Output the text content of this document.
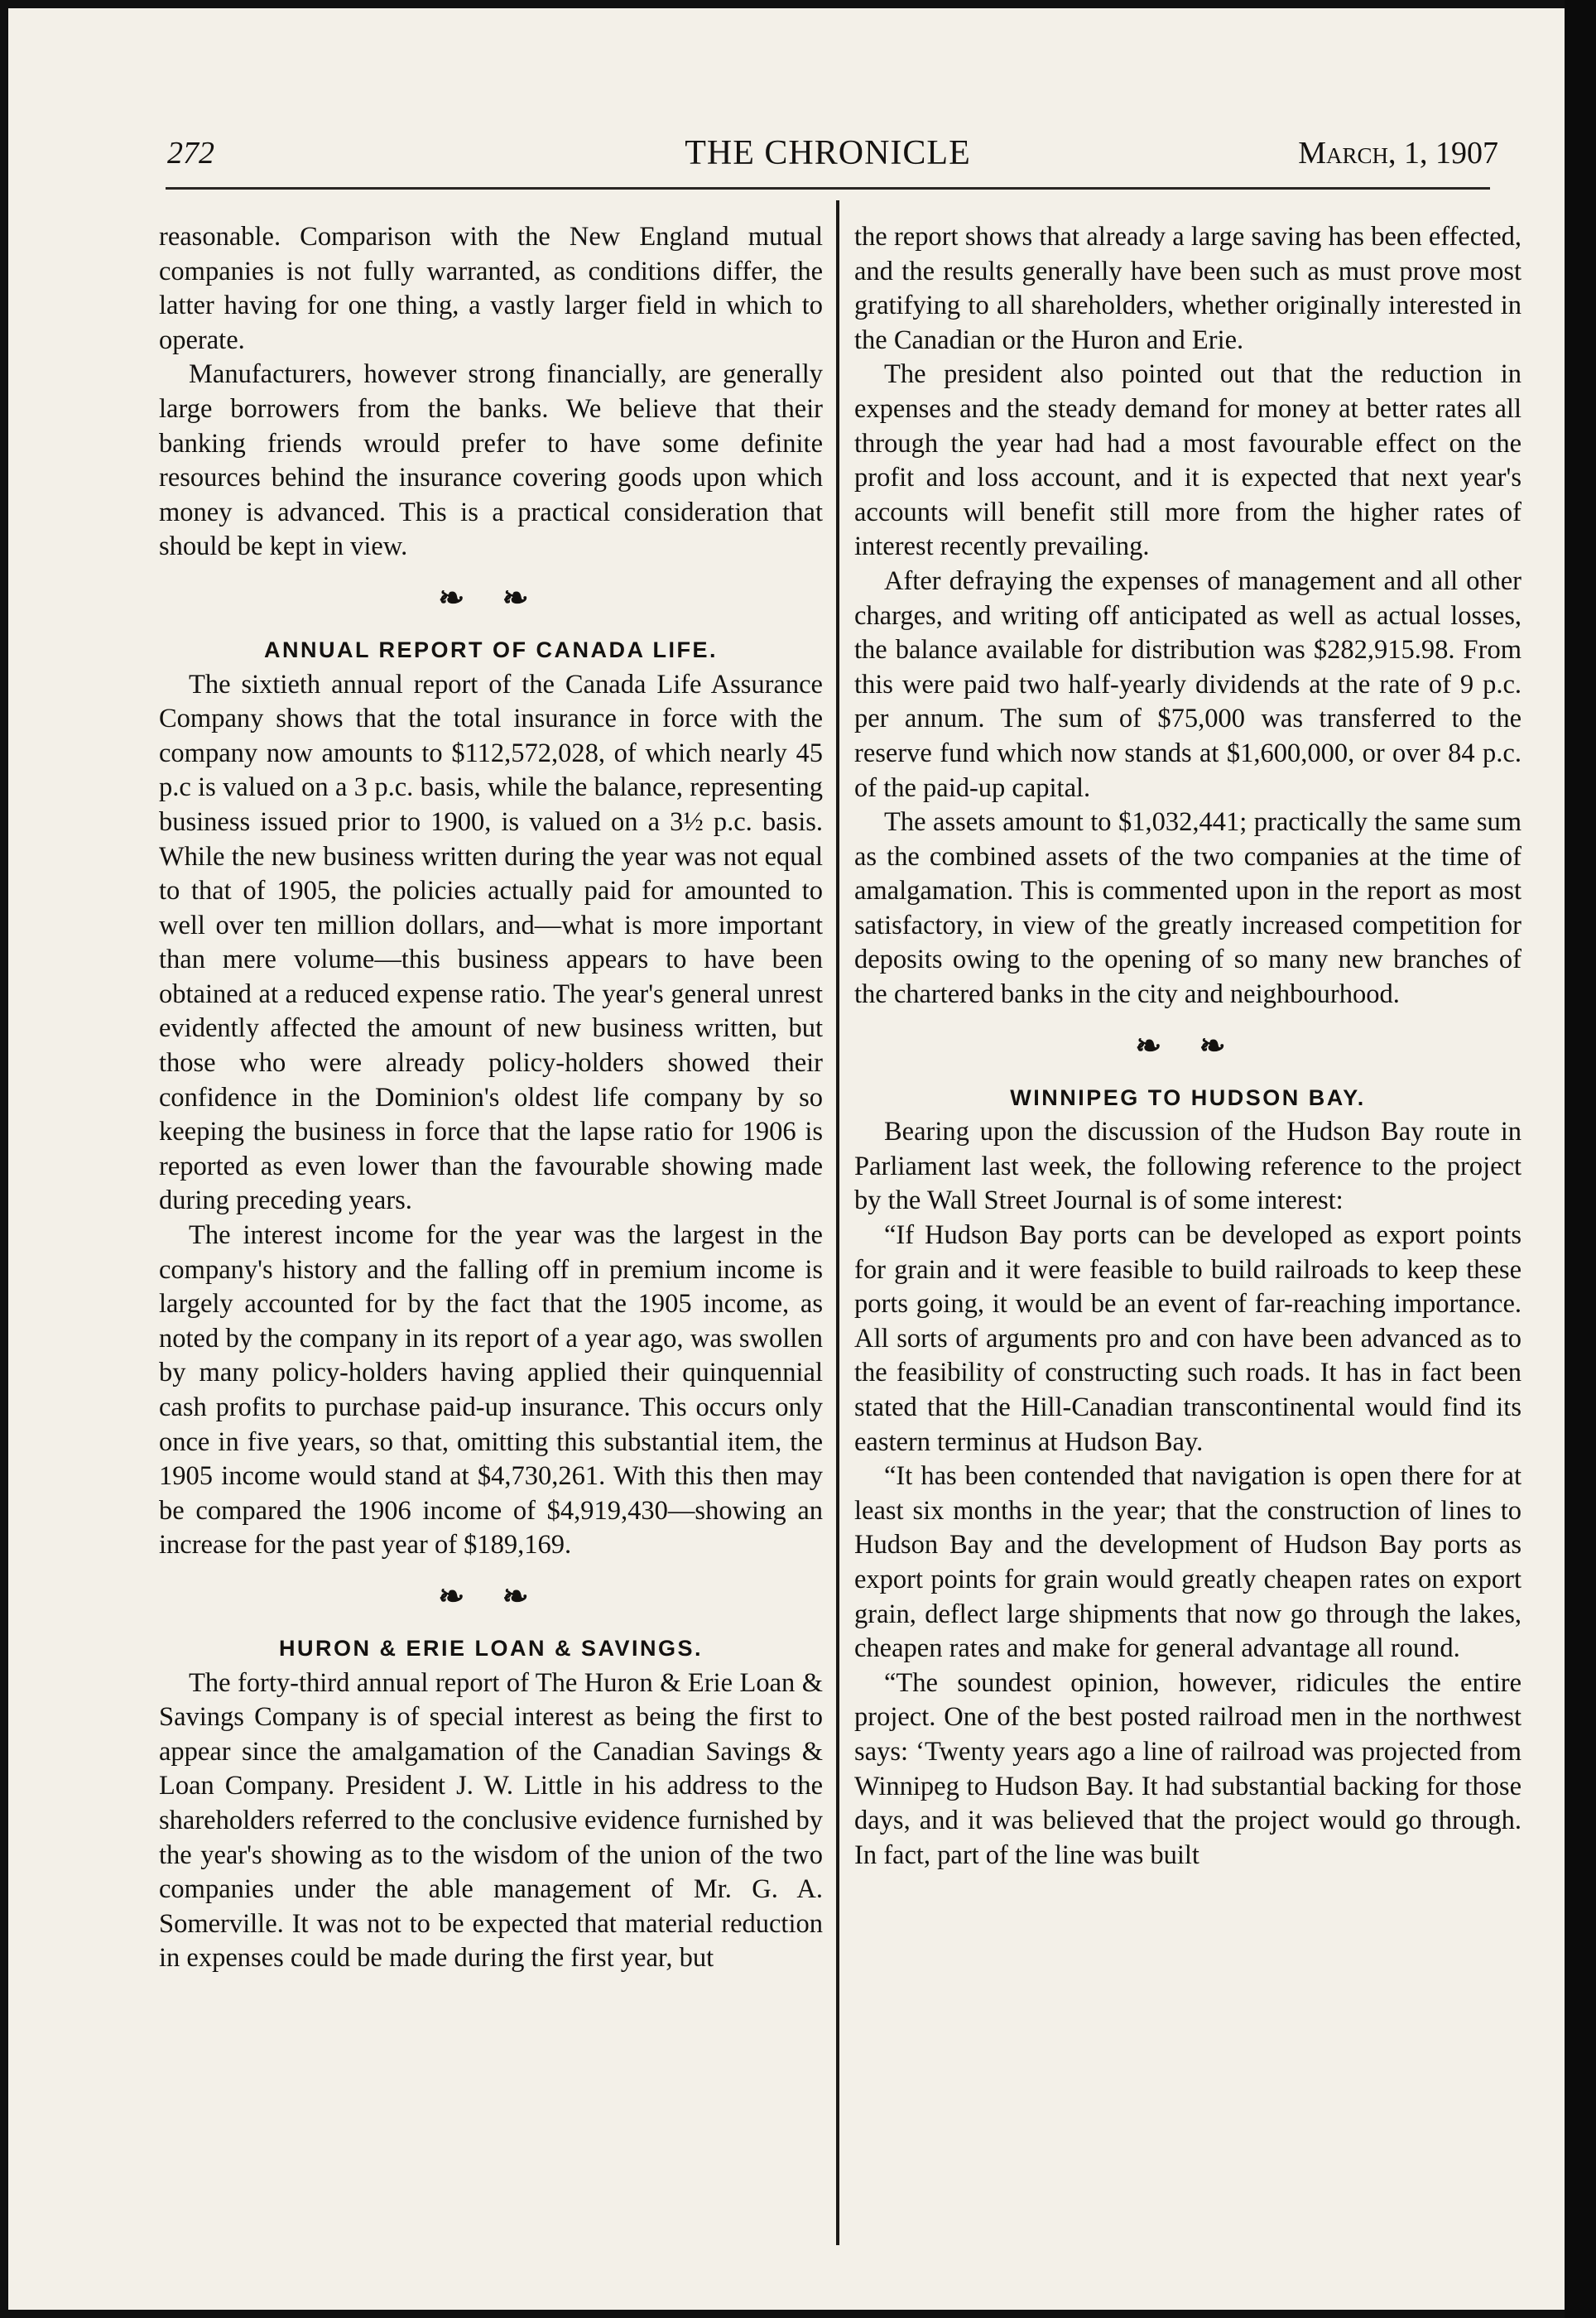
272	THE CHRONICLE	March, 1, 1907

reasonable. Comparison with the New England mutual companies is not fully warranted, as conditions differ, the latter having for one thing, a vastly larger field in which to operate.

Manufacturers, however strong financially, are generally large borrowers from the banks. We believe that their banking friends wrould prefer to have some definite resources behind the insurance covering goods upon which money is advanced. This is a practical consideration that should be kept in view.

❧ ❧
ANNUAL REPORT OF CANADA LIFE.

The sixtieth annual report of the Canada Life Assurance Company shows that the total insurance in force with the company now amounts to $112,572,028, of which nearly 45 p.c is valued on a 3 p.c. basis, while the balance, representing business issued prior to 1900, is valued on a 3½ p.c. basis. While the new business written during the year was not equal to that of 1905, the policies actually paid for amounted to well over ten million dollars, and—what is more important than mere volume—this business appears to have been obtained at a reduced expense ratio. The year's general unrest evidently affected the amount of new business written, but those who were already policy-holders showed their confidence in the Dominion's oldest life company by so keeping the business in force that the lapse ratio for 1906 is reported as even lower than the favourable showing made during preceding years.

The interest income for the year was the largest in the company's history and the falling off in premium income is largely accounted for by the fact that the 1905 income, as noted by the company in its report of a year ago, was swollen by many policy-holders having applied their quinquennial cash profits to purchase paid-up insurance. This occurs only once in five years, so that, omitting this substantial item, the 1905 income would stand at $4,730,261. With this then may be compared the 1906 income of $4,919,430—showing an increase for the past year of $189,169.

❧ ❧
HURON & ERIE LOAN & SAVINGS.

The forty-third annual report of The Huron & Erie Loan & Savings Company is of special interest as being the first to appear since the amalgamation of the Canadian Savings & Loan Company. President J. W. Little in his address to the shareholders referred to the conclusive evidence furnished by the year's showing as to the wisdom of the union of the two companies under the able management of Mr. G. A. Somerville. It was not to be expected that material reduction in expenses could be made during the first year, but

the report shows that already a large saving has been effected, and the results generally have been such as must prove most gratifying to all shareholders, whether originally interested in the Canadian or the Huron and Erie.

The president also pointed out that the reduction in expenses and the steady demand for money at better rates all through the year had had a most favourable effect on the profit and loss account, and it is expected that next year's accounts will benefit still more from the higher rates of interest recently prevailing.

After defraying the expenses of management and all other charges, and writing off anticipated as well as actual losses, the balance available for distribution was $282,915.98. From this were paid two half-yearly dividends at the rate of 9 p.c. per annum. The sum of $75,000 was transferred to the reserve fund which now stands at $1,600,000, or over 84 p.c. of the paid-up capital.

The assets amount to $1,032,441; practically the same sum as the combined assets of the two companies at the time of amalgamation. This is commented upon in the report as most satisfactory, in view of the greatly increased competition for deposits owing to the opening of so many new branches of the chartered banks in the city and neighbourhood.

❧ ❧
WINNIPEG TO HUDSON BAY.

Bearing upon the discussion of the Hudson Bay route in Parliament last week, the following reference to the project by the Wall Street Journal is of some interest:

“If Hudson Bay ports can be developed as export points for grain and it were feasible to build railroads to keep these ports going, it would be an event of far-reaching importance. All sorts of arguments pro and con have been advanced as to the feasibility of constructing such roads. It has in fact been stated that the Hill-Canadian transcontinental would find its eastern terminus at Hudson Bay.

“It has been contended that navigation is open there for at least six months in the year; that the construction of lines to Hudson Bay and the development of Hudson Bay ports as export points for grain would greatly cheapen rates on export grain, deflect large shipments that now go through the lakes, cheapen rates and make for general advantage all round.

“The soundest opinion, however, ridicules the entire project. One of the best posted railroad men in the northwest says: ‘Twenty years ago a line of railroad was projected from Winnipeg to Hudson Bay. It had substantial backing for those days, and it was believed that the project would go through. In fact, part of the line was built
